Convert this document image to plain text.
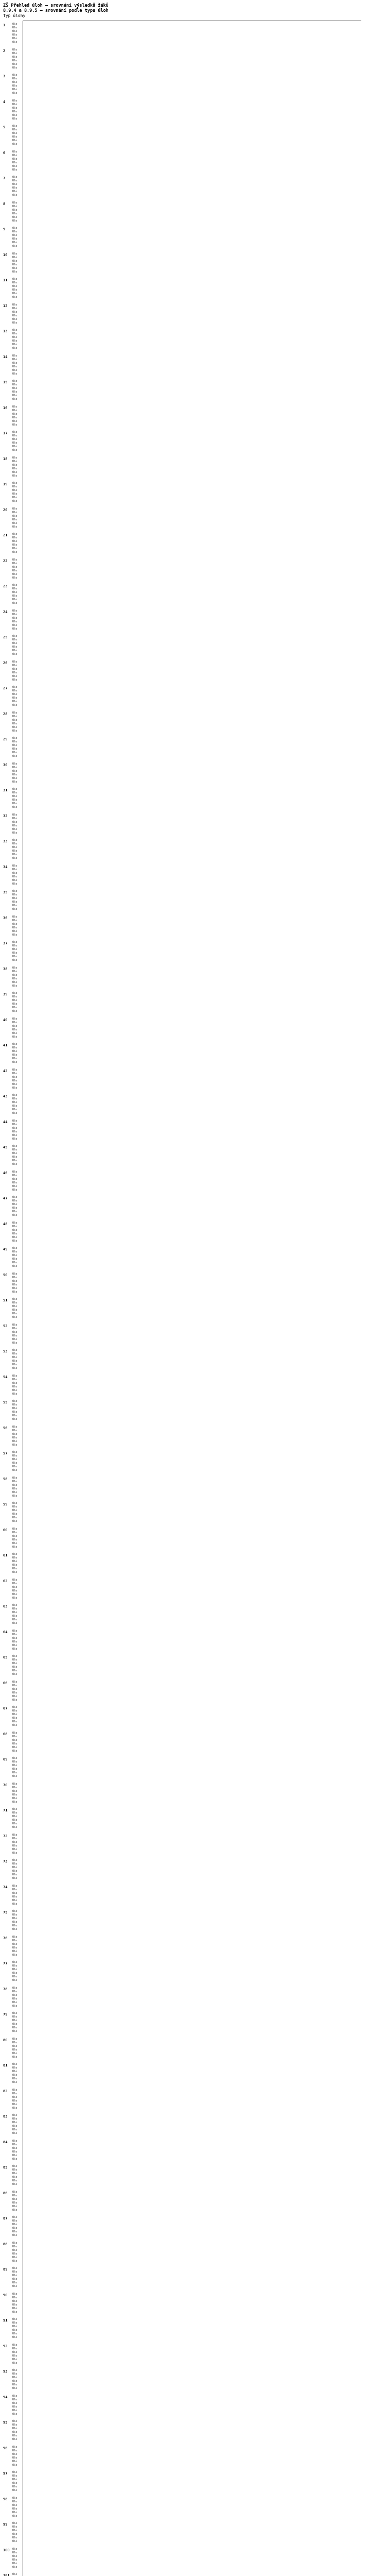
ZŠ Přehled úloh – srovnání výsledků žáků
8.9.4 a 8.9.5 — srovnání podle typu úloh
Typ úlohy
1	Úlo
Úlo
Úlo
Úlo
Úlo
Úlo
2	Úlo
Úlo
Úlo
Úlo
Úlo
Úlo
3	Úlo
Úlo
Úlo
Úlo
Úlo
Úlo
4	Úlo
Úlo
Úlo
Úlo
Úlo
Úlo
5	Úlo
Úlo
Úlo
Úlo
Úlo
Úlo
6	Úlo
Úlo
Úlo
Úlo
Úlo
Úlo
7	Úlo
Úlo
Úlo
Úlo
Úlo
Úlo
8	Úlo
Úlo
Úlo
Úlo
Úlo
Úlo
9	Úlo
Úlo
Úlo
Úlo
Úlo
Úlo
10 Úlo
Úlo
Úlo
Úlo
Úlo
Úlo
11 Úlo
Úlo
Úlo
Úlo
Úlo
Úlo
12 Úlo
Úlo
Úlo
Úlo
Úlo
Úlo
13 Úlo
Úlo
Úlo
Úlo
Úlo
Úlo
14 Úlo
Úlo
Úlo
Úlo
Úlo
Úlo
15 Úlo
Úlo
Úlo
Úlo
Úlo
Úlo
16 Úlo
Úlo
Úlo
Úlo
Úlo
Úlo
17 Úlo
Úlo
Úlo
Úlo
Úlo
Úlo
18 Úlo
Úlo
Úlo
Úlo
Úlo
Úlo
19 Úlo
Úlo
Úlo
Úlo
Úlo
Úlo
20 Úlo
Úlo
Úlo
Úlo
Úlo
Úlo
21 Úlo
Úlo
Úlo
Úlo
Úlo
Úlo
22 Úlo
Úlo
Úlo
Úlo
Úlo
Úlo
23 Úlo
Úlo
Úlo
Úlo
Úlo
Úlo
24 Úlo
Úlo
Úlo
Úlo
Úlo
Úlo
25 Úlo
Úlo
Úlo
Úlo
Úlo
Úlo
26 Úlo
Úlo
Úlo
Úlo
Úlo
Úlo
27 Úlo
Úlo
Úlo
Úlo
Úlo
Úlo
28 Úlo
Úlo
Úlo
Úlo
Úlo
Úlo
29 Úlo
Úlo
Úlo
Úlo
Úlo
Úlo
30 Úlo
Úlo
Úlo
Úlo
Úlo
Úlo
31 Úlo
Úlo
Úlo
Úlo
Úlo
Úlo
32 Úlo
Úlo
Úlo
Úlo
Úlo
Úlo
33 Úlo
Úlo
Úlo
Úlo
Úlo
Úlo
34 Úlo
Úlo
Úlo
Úlo
Úlo
Úlo
35 Úlo
Úlo
Úlo
Úlo
Úlo
Úlo
36 Úlo
Úlo
Úlo
Úlo
Úlo
Úlo
37 Úlo
Úlo
Úlo
Úlo
Úlo
Úlo
38 Úlo
Úlo
Úlo
Úlo
Úlo
Úlo
39 Úlo
Úlo
Úlo
Úlo
Úlo
Úlo
40 Úlo
Úlo
Úlo
Úlo
Úlo
Úlo
41 Úlo
Úlo
Úlo
Úlo
Úlo
Úlo
42 Úlo
Úlo
Úlo
Úlo
Úlo
Úlo
43 Úlo
Úlo
Úlo
Úlo
Úlo
Úlo
44 Úlo
Úlo
Úlo
Úlo
Úlo
Úlo
45 Úlo
Úlo
Úlo
Úlo
Úlo
Úlo
46 Úlo
Úlo
Úlo
Úlo
Úlo
Úlo
47 Úlo
Úlo
Úlo
Úlo
Úlo
Úlo
48 Úlo
Úlo
Úlo
Úlo
Úlo
Úlo
49 Úlo
Úlo
Úlo
Úlo
Úlo
Úlo
50 Úlo
Úlo
Úlo
Úlo
Úlo
Úlo
51 Úlo
Úlo
Úlo
Úlo
Úlo
Úlo
52 Úlo
Úlo
Úlo
Úlo
Úlo
Úlo
53 Úlo
Úlo
Úlo
Úlo
Úlo
Úlo
54 Úlo
Úlo
Úlo
Úlo
Úlo
Úlo
55 Úlo
Úlo
Úlo
Úlo
Úlo
Úlo
56 Úlo
Úlo
Úlo
Úlo
Úlo
Úlo
57 Úlo
Úlo
Úlo
Úlo
Úlo
Úlo
58 Úlo
Úlo
Úlo
Úlo
Úlo
Úlo
59 Úlo
Úlo
Úlo
Úlo
Úlo
Úlo
60 Úlo
Úlo
Úlo
Úlo
Úlo
Úlo
61 Úlo
Úlo
Úlo
Úlo
Úlo
Úlo
62 Úlo
Úlo
Úlo
Úlo
Úlo
Úlo
63 Úlo
Úlo
Úlo
Úlo
Úlo
Úlo
64 Úlo
Úlo
Úlo
Úlo
Úlo
Úlo
65 Úlo
Úlo
Úlo
Úlo
Úlo
Úlo
66 Úlo
Úlo
Úlo
Úlo
Úlo
Úlo
67 Úlo
Úlo
Úlo
Úlo
Úlo
Úlo
68 Úlo
Úlo
Úlo
Úlo
Úlo
Úlo
69 Úlo
Úlo
Úlo
Úlo
Úlo
Úlo
70 Úlo
Úlo
Úlo
Úlo
Úlo
Úlo
71 Úlo
Úlo
Úlo
Úlo
Úlo
Úlo
72 Úlo
Úlo
Úlo
Úlo
Úlo
Úlo
73 Úlo
Úlo
Úlo
Úlo
Úlo
Úlo
74 Úlo
Úlo
Úlo
Úlo
Úlo
Úlo
75 Úlo
Úlo
Úlo
Úlo
Úlo
Úlo
76 Úlo
Úlo
Úlo
Úlo
Úlo
Úlo
77 Úlo
Úlo
Úlo
Úlo
Úlo
Úlo
78 Úlo
Úlo
Úlo
Úlo
Úlo
Úlo
79 Úlo
Úlo
Úlo
Úlo
Úlo
Úlo
80 Úlo
Úlo
Úlo
Úlo
Úlo
Úlo
81 Úlo
Úlo
Úlo
Úlo
Úlo
Úlo
82 Úlo
Úlo
Úlo
Úlo
Úlo
Úlo
83 Úlo
Úlo
Úlo
Úlo
Úlo
Úlo
84 Úlo
Úlo
Úlo
Úlo
Úlo
Úlo
85 Úlo
Úlo
Úlo
Úlo
Úlo
Úlo
86 Úlo
Úlo
Úlo
Úlo
Úlo
Úlo
87 Úlo
Úlo
Úlo
Úlo
Úlo
Úlo
88 Úlo
Úlo
Úlo
Úlo
Úlo
Úlo
89 Úlo
Úlo
Úlo
Úlo
Úlo
Úlo
90 Úlo
Úlo
Úlo
Úlo
Úlo
Úlo
91 Úlo
Úlo
Úlo
Úlo
Úlo
Úlo
92 Úlo
Úlo
Úlo
Úlo
Úlo
Úlo
93 Úlo
Úlo
Úlo
Úlo
Úlo
Úlo
94 Úlo
Úlo
Úlo
Úlo
Úlo
Úlo
95 Úlo
Úlo
Úlo
Úlo
Úlo
Úlo
96 Úlo
Úlo
Úlo
Úlo
Úlo
Úlo
97 Úlo
Úlo
Úlo
Úlo
Úlo
Úlo
98 Úlo
Úlo
Úlo
Úlo
Úlo
Úlo
99 Úlo
Úlo
Úlo
Úlo
Úlo
Úlo
100 Úlo
Úlo
Úlo
Úlo
Úlo
Úlo
101 Úlo
